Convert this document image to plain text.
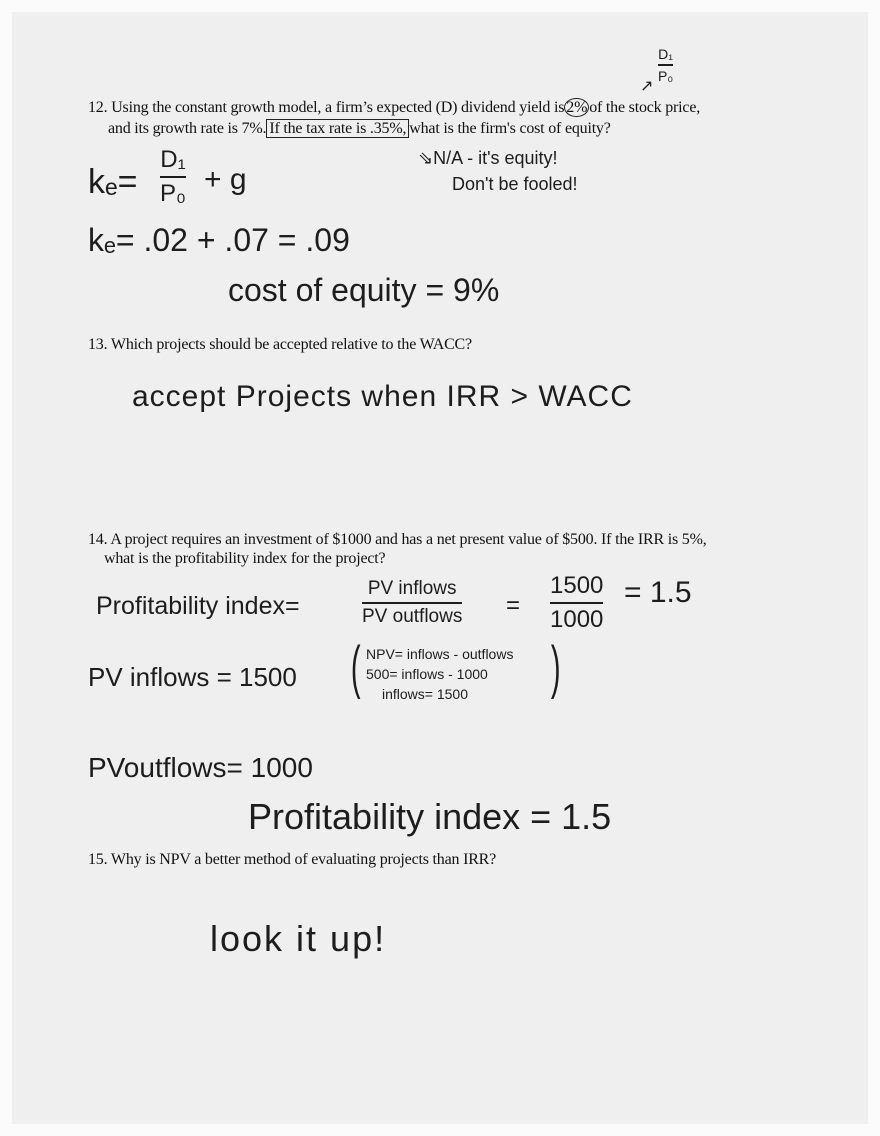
D₁
P₀
↗
12. Using the constant growth model, a firm’s expected (D) dividend yield is 2% of the stock price,
and its growth rate is 7%. If the tax rate is .35%, what is the firm's cost of equity?
⇘N/A - it's equity!
Don't be fooled!
kₑ=
D₁
P₀ + g
kₑ= .02 + .07 = .09
cost of equity = 9%
13. Which projects should be accepted relative to the WACC?
accept Projects when IRR > WACC
14. A project requires an investment of $1000 and has a net present value of $500. If the IRR is 5%,
what is the profitability index for the project?
Profitability index=
PV inflows
PV outflows =
1500
1000
= 1.5
PV inflows = 1500 ( NPV= inflows - outflows
500= inflows - 1000
inflows= 1500 )
PVoutflows= 1000
Profitability index = 1.5
15. Why is NPV a better method of evaluating projects than IRR?
look it up!
